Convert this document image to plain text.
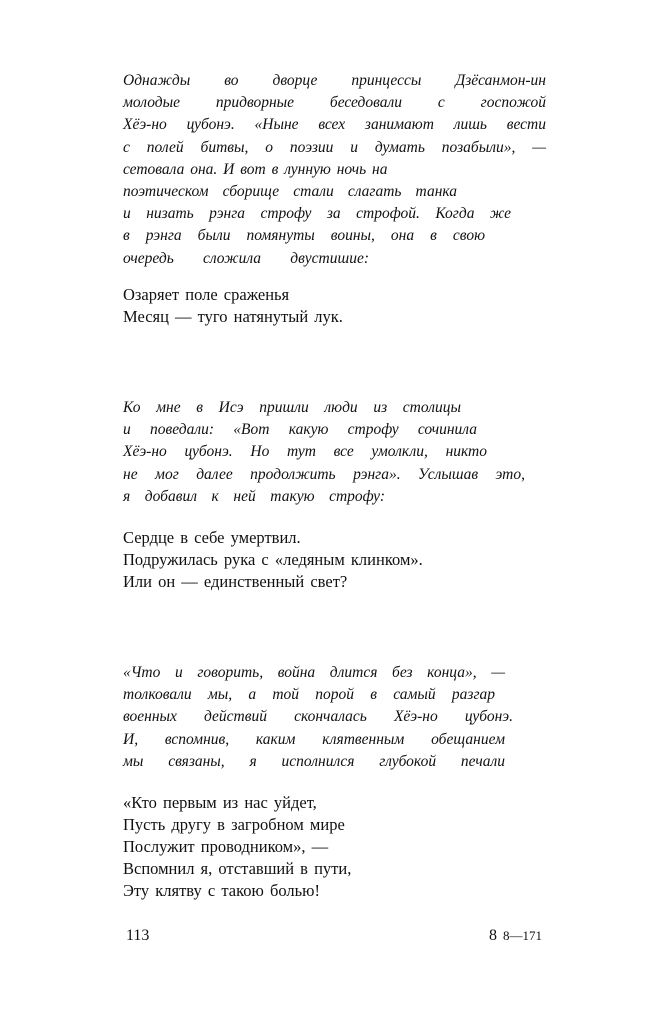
Однажды во дворце принцессы Дзёсанмон-ин
молодые придворные беседовали с госпожой
Хёэ-но цубонэ. «Ныне всех занимают лишь вести
с полей битвы, о поэзии и думать позабыли», —
сетовала она. И вот в лунную ночь на
поэтическом сборище стали слагать танка
и низать рэнга строфу за строфой. Когда же
в рэнга были помянуты воины, она в свою
очередь сложила двустишие:
Озаряет поле сраженья
Месяц — туго натянутый лук.
Ко мне в Исэ пришли люди из столицы
и поведали: «Вот какую строфу сочинила
Хёэ-но цубонэ. Но тут все умолкли, никто
не мог далее продолжить рэнга». Услышав это,
я добавил к ней такую строфу:
Сердце в себе умертвил.
Подружилась рука с «ледяным клинком».
Или он — единственный свет?
«Что и говорить, война длится без конца», —
толковали мы, а той порой в самый разгар
военных действий скончалась Хёэ-но цубонэ.
И, вспомнив, каким клятвенным обещанием
мы связаны, я исполнился глубокой печали
«Кто первым из нас уйдет,
Пусть другу в загробном мире
Послужит проводником», —
Вспомнил я, отставший в пути,
Эту клятву с такою болью!
113	8 8—171
